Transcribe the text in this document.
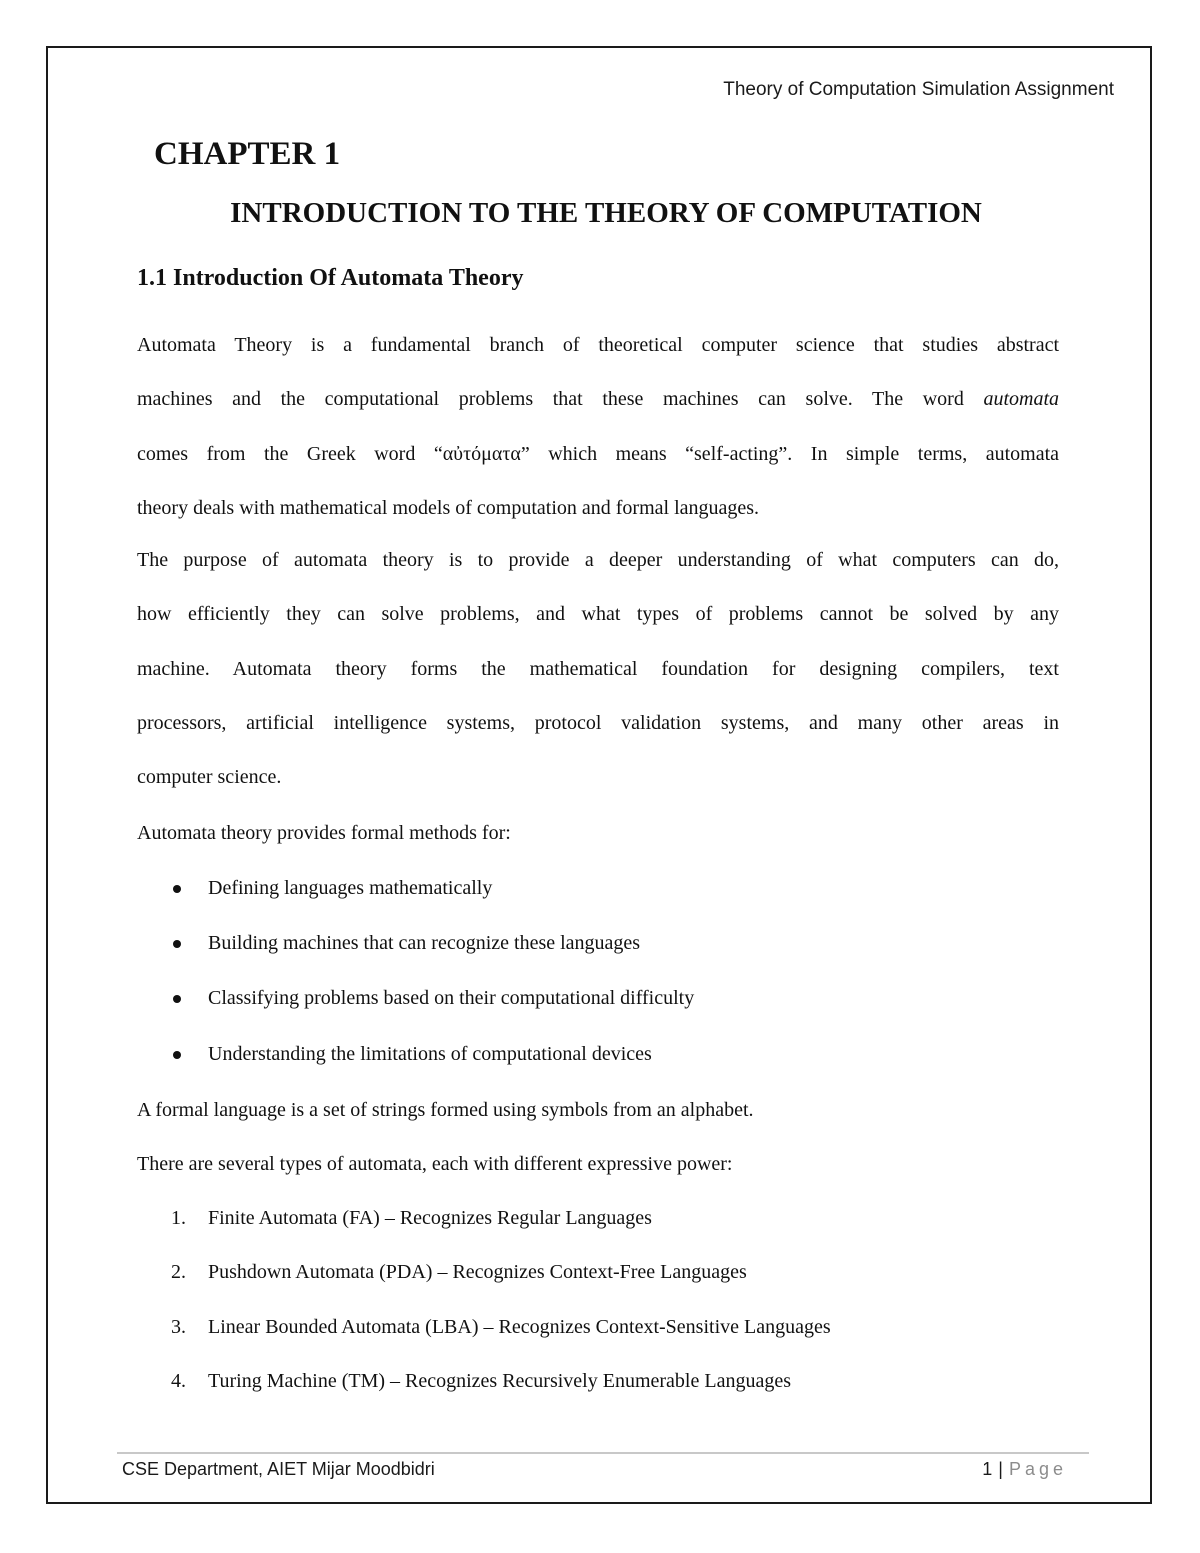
Theory of Computation Simulation Assignment
CHAPTER 1
INTRODUCTION TO THE THEORY OF COMPUTATION
1.1 Introduction Of Automata Theory

Automata Theory is a fundamental branch of theoretical computer science that studies abstract
machines and the computational problems that these machines can solve. The word automata
comes from the Greek word “αὐτόματα” which means “self-acting”. In simple terms, automata
theory deals with mathematical models of computation and formal languages.

The purpose of automata theory is to provide a deeper understanding of what computers can do,
how efficiently they can solve problems, and what types of problems cannot be solved by any
machine. Automata theory forms the mathematical foundation for designing compilers, text
processors, artificial intelligence systems, protocol validation systems, and many other areas in
computer science.

Automata theory provides formal methods for:

Defining languages mathematically
Building machines that can recognize these languages
Classifying problems based on their computational difficulty
Understanding the limitations of computational devices

A formal language is a set of strings formed using symbols from an alphabet.

There are several types of automata, each with different expressive power:

1. Finite Automata (FA) – Recognizes Regular Languages
2. Pushdown Automata (PDA) – Recognizes Context-Free Languages
3. Linear Bounded Automata (LBA) – Recognizes Context-Sensitive Languages
4. Turing Machine (TM) – Recognizes Recursively Enumerable Languages
CSE Department, AIET Mijar Moodbidri	1 | Page
